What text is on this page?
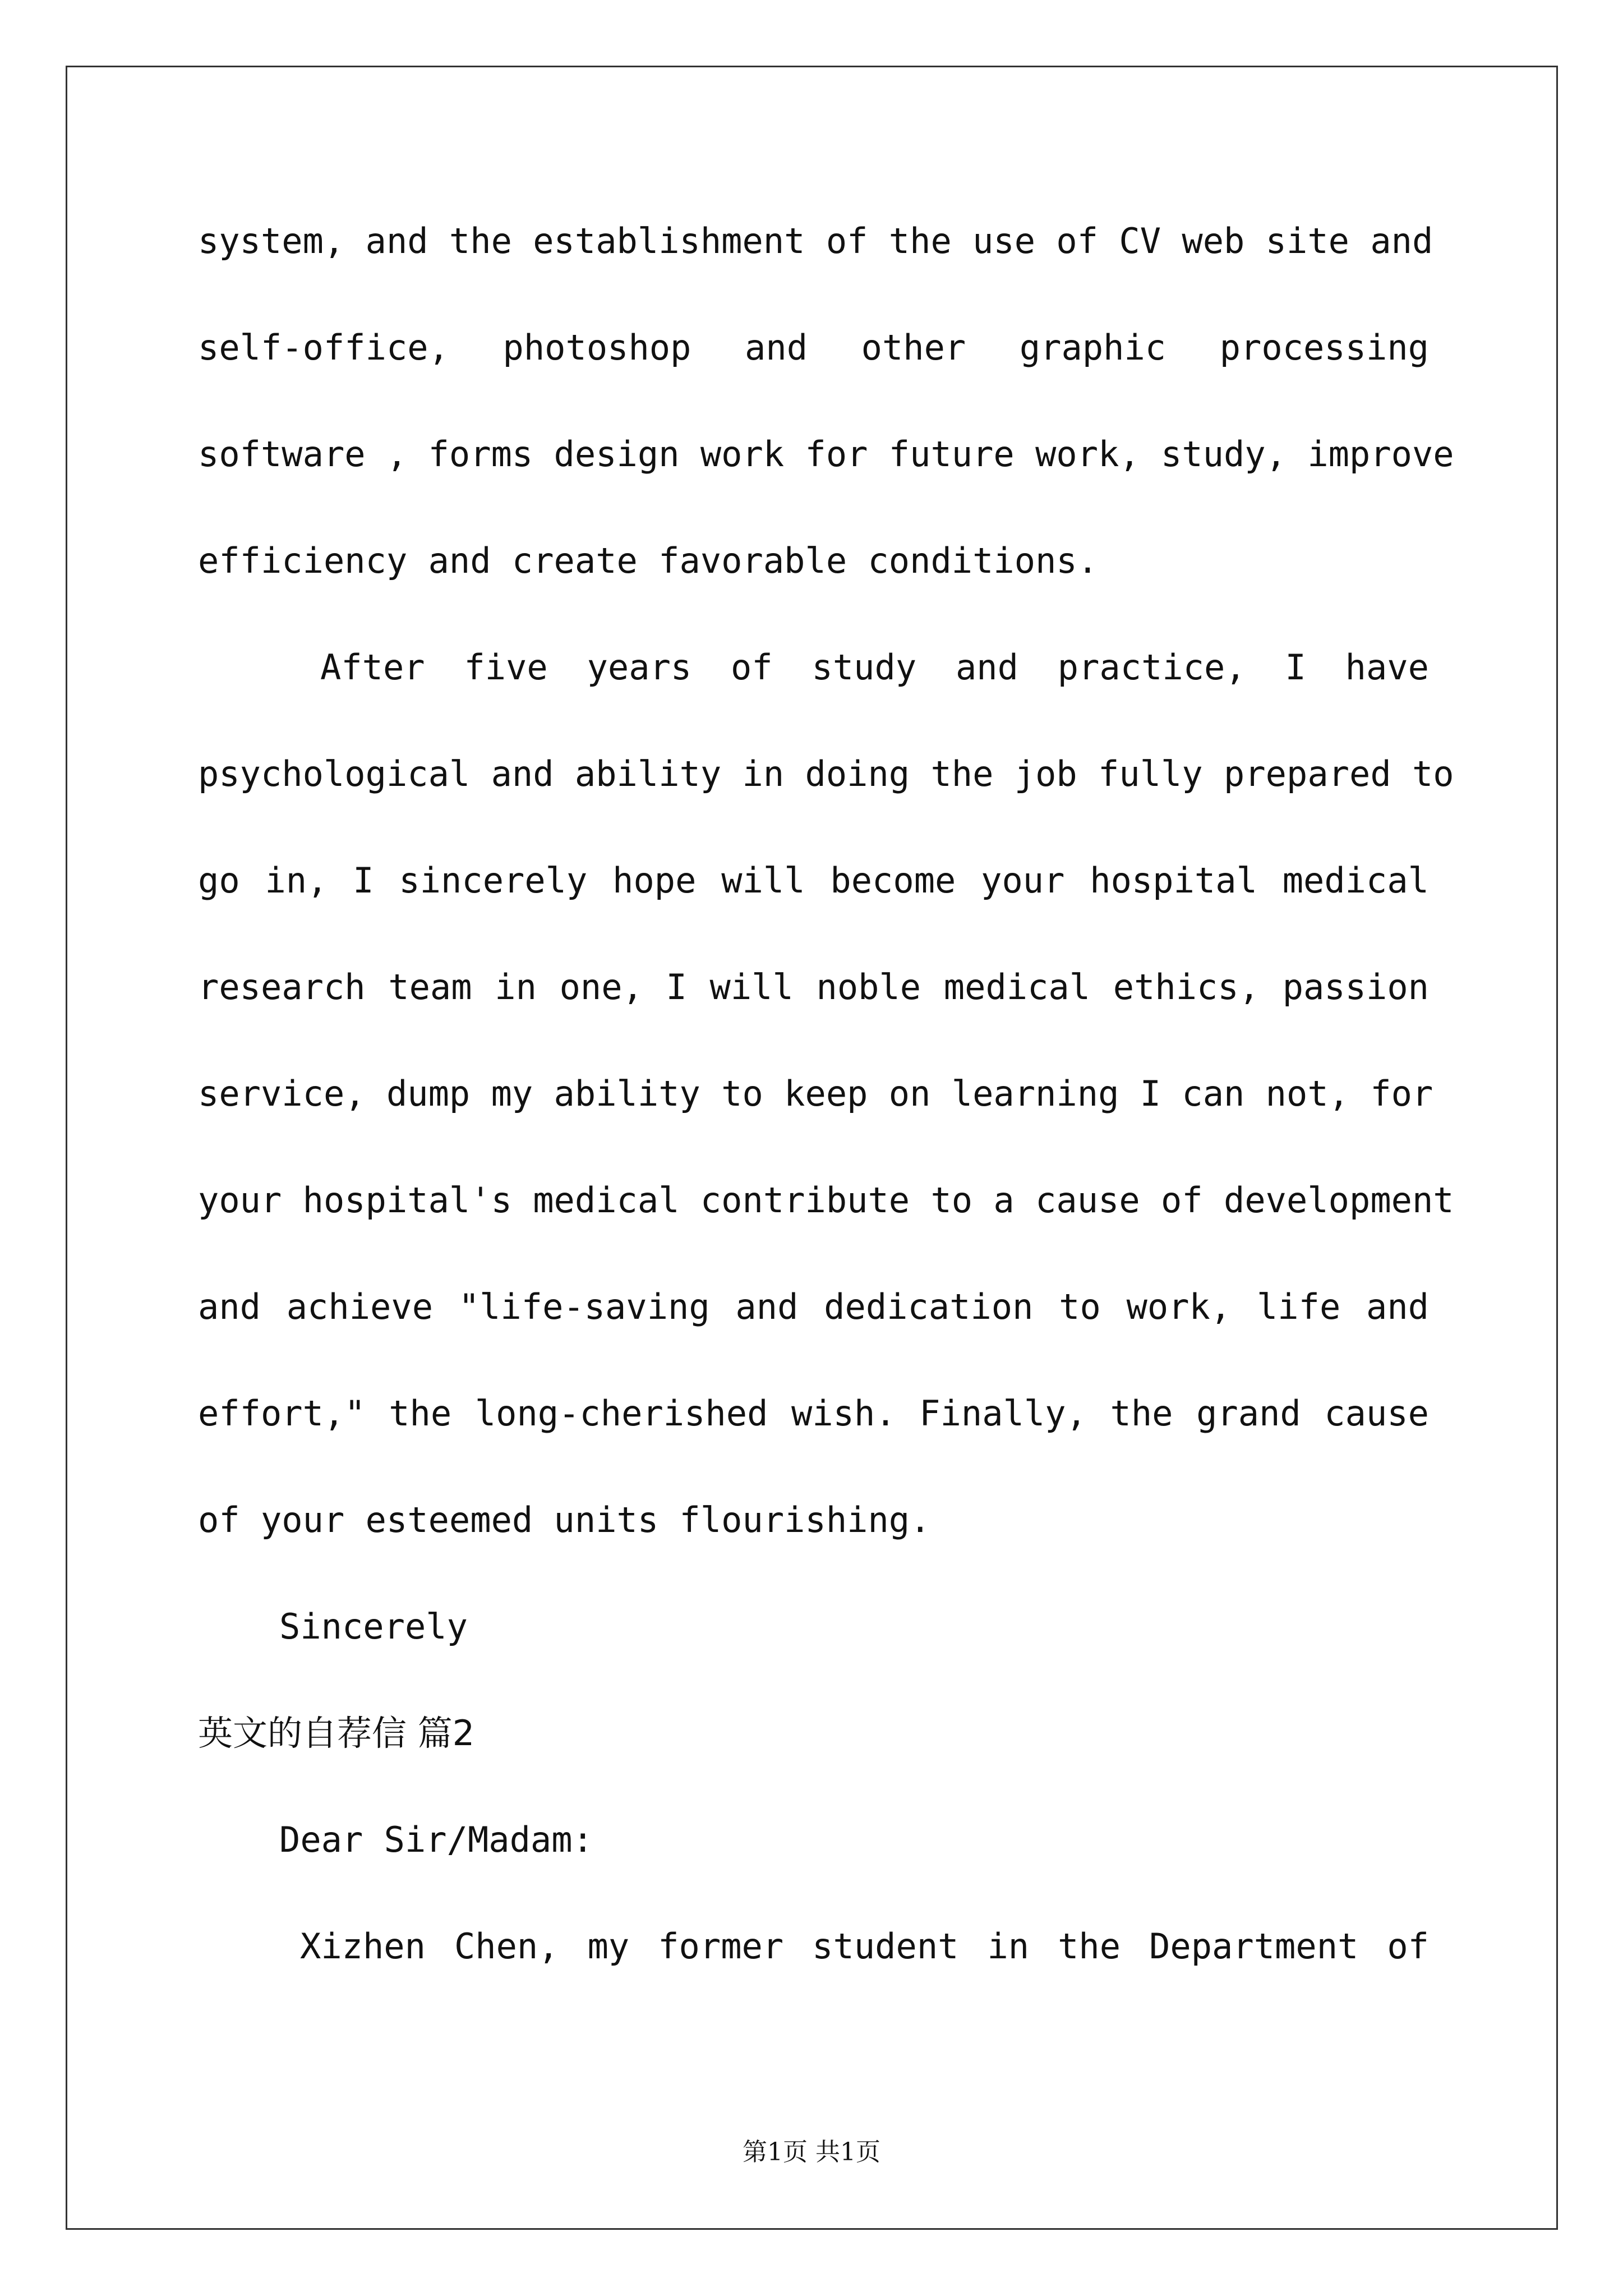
system, and the establishment of the use of CV web site and
self-office, photoshop and other graphic processing
software , forms design work for future work, study, improve
efficiency and create favorable conditions.
After five years of study and practice, I have
psychological and ability in doing the job fully prepared to
go in, I sincerely hope will become your hospital medical
research team in one, I will noble medical ethics, passion
service, dump my ability to keep on learning I can not, for
your hospital's medical contribute to a cause of development
and achieve "life-saving and dedication to work, life and
effort," the long-cherished wish. Finally, the grand cause
of your esteemed units flourishing.
Sincerely
英文的自荐信 篇2
Dear Sir/Madam:
Xizhen Chen, my former student in the Department of
第1页 共1页
